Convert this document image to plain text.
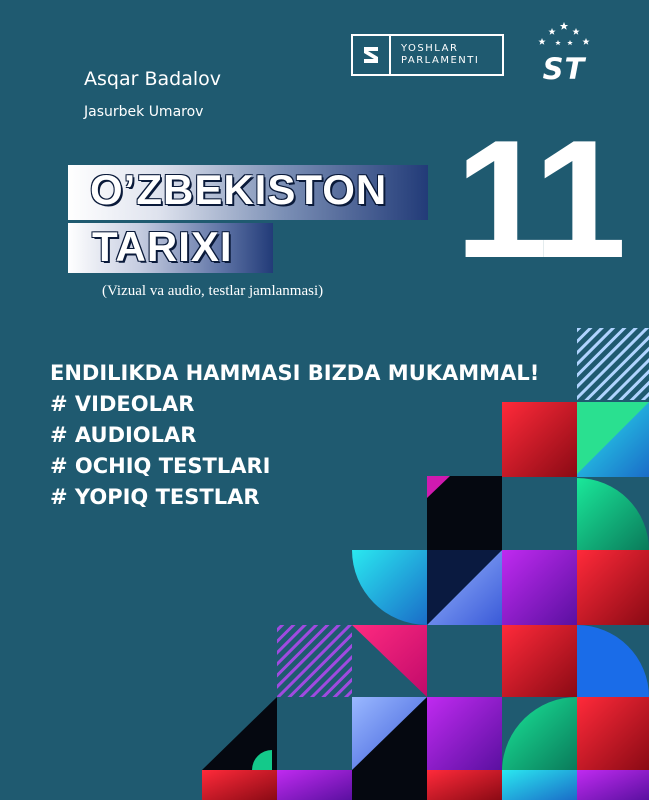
Asqar Badalov
Jasurbek Umarov
YOSHLAR
PARLAMENTI	ST
O’ZBEKISTON
TARIXI
(Vizual va audio, testlar jamlanmasi) 11
ENDILIKDA HAMMASI BIZDA MUKAMMAL!
# VIDEOLAR
# AUDIOLAR
# OCHIQ TESTLARI
# YOPIQ TESTLAR
